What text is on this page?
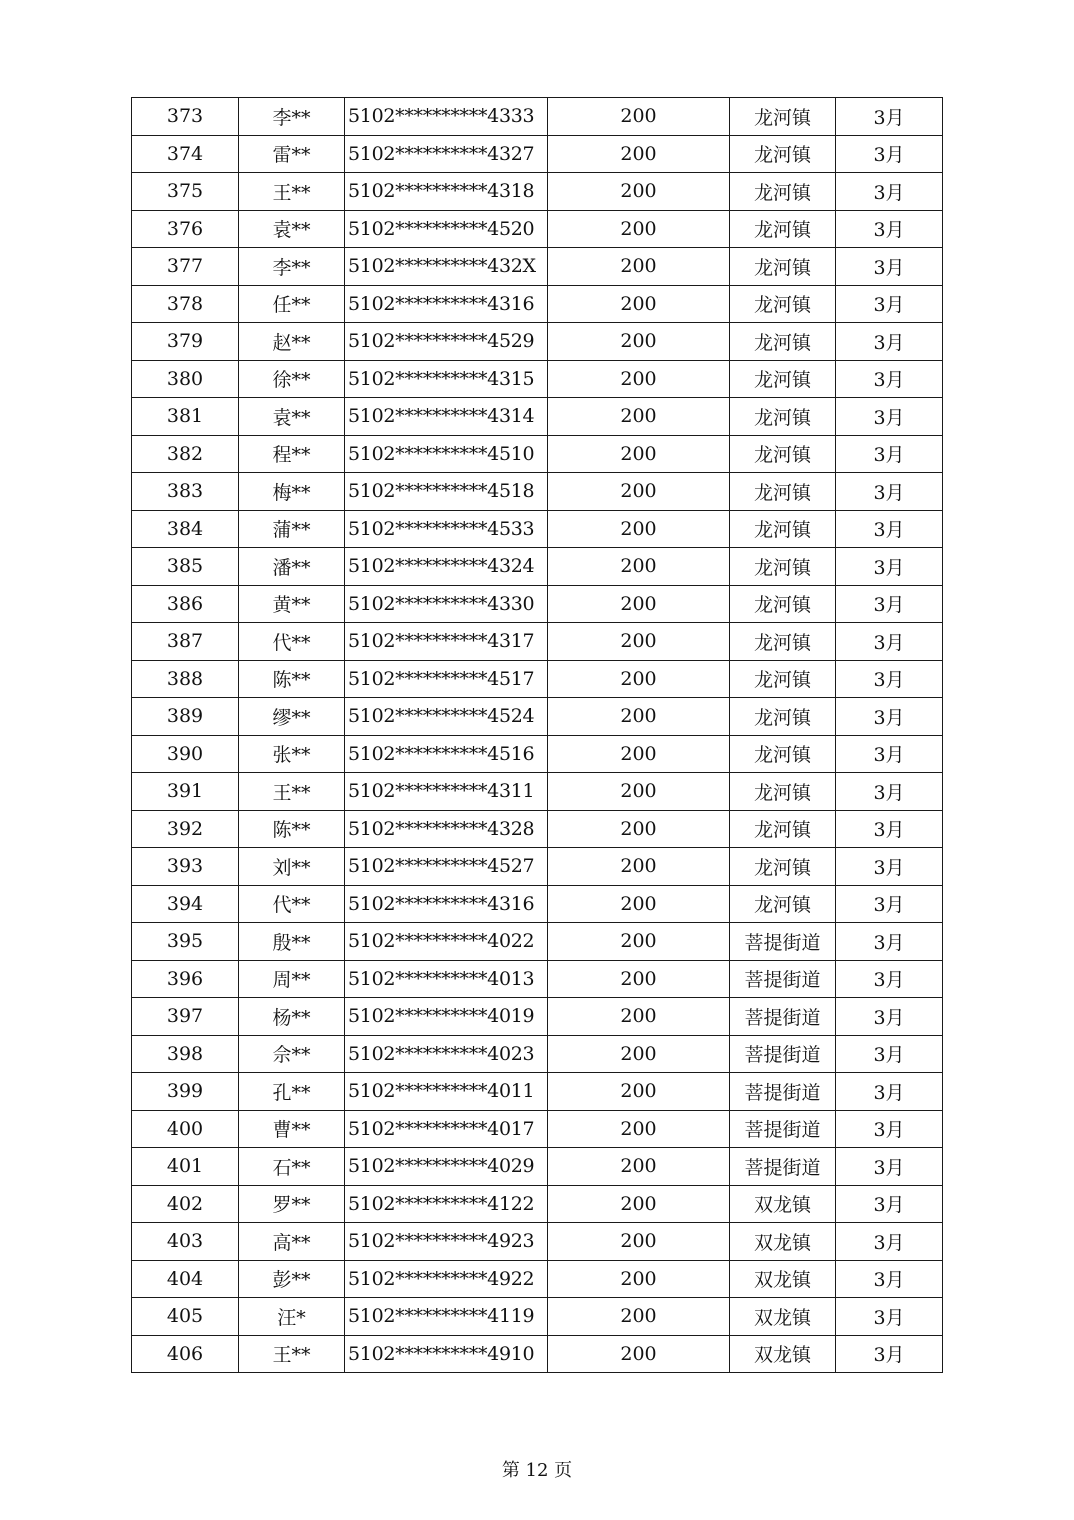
373	李**	5102**********4333	200	龙河镇	3月
374	雷**	5102**********4327	200	龙河镇	3月
375	王**	5102**********4318	200	龙河镇	3月
376	袁**	5102**********4520	200	龙河镇	3月
377	李**	5102**********432X	200	龙河镇	3月
378	任**	5102**********4316	200	龙河镇	3月
379	赵**	5102**********4529	200	龙河镇	3月
380	徐**	5102**********4315	200	龙河镇	3月
381	袁**	5102**********4314	200	龙河镇	3月
382	程**	5102**********4510	200	龙河镇	3月
383	梅**	5102**********4518	200	龙河镇	3月
384	蒲**	5102**********4533	200	龙河镇	3月
385	潘**	5102**********4324	200	龙河镇	3月
386	黄**	5102**********4330	200	龙河镇	3月
387	代**	5102**********4317	200	龙河镇	3月
388	陈**	5102**********4517	200	龙河镇	3月
389	缪**	5102**********4524	200	龙河镇	3月
390	张**	5102**********4516	200	龙河镇	3月
391	王**	5102**********4311	200	龙河镇	3月
392	陈**	5102**********4328	200	龙河镇	3月
393	刘**	5102**********4527	200	龙河镇	3月
394	代**	5102**********4316	200	龙河镇	3月
395	殷**	5102**********4022	200	菩提街道	3月
396	周**	5102**********4013	200	菩提街道	3月
397	杨**	5102**********4019	200	菩提街道	3月
398	佘**	5102**********4023	200	菩提街道	3月
399	孔**	5102**********4011	200	菩提街道	3月
400	曹**	5102**********4017	200	菩提街道	3月
401	石**	5102**********4029	200	菩提街道	3月
402	罗**	5102**********4122	200	双龙镇	3月
403	高**	5102**********4923	200	双龙镇	3月
404	彭**	5102**********4922	200	双龙镇	3月
405	汪*	5102**********4119	200	双龙镇	3月
406	王**	5102**********4910	200	双龙镇	3月
第 12 页
